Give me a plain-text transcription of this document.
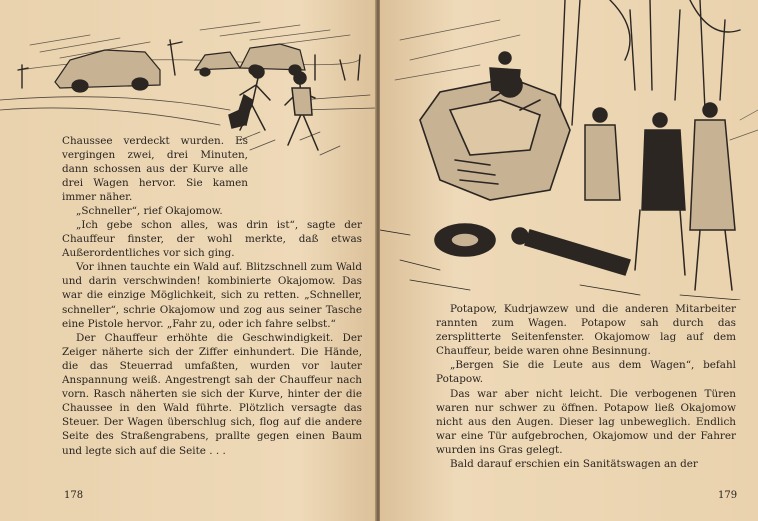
Chaussee verdeckt wurden. Es vergingen zwei, drei Minuten, dann schossen aus der Kurve alle drei Wagen hervor. Sie kamen immer näher.

„Schneller“, rief Okajomow.

„Ich gebe schon alles, was drin ist“, sagte der Chauffeur finster, der wohl merkte, daß etwas Außerordentliches vor sich ging.

Vor ihnen tauchte ein Wald auf. Blitzschnell zum Wald und darin verschwinden! kombinierte Okajomow. Das war die einzige Möglichkeit, sich zu retten. „Schneller, schneller“, schrie Okajomow und zog aus seiner Tasche eine Pistole hervor. „Fahr zu, oder ich fahre selbst.“

Der Chauffeur erhöhte die Geschwindigkeit. Der Zeiger näherte sich der Ziffer einhundert. Die Hände, die das Steuerrad umfaßten, wurden vor lauter Anspannung weiß. Angestrengt sah der Chauffeur nach vorn. Rasch näherten sie sich der Kurve, hinter der die Chaussee in den Wald führte. Plötzlich versagte das Steuer. Der Wagen überschlug sich, flog auf die andere Seite des Straßengrabens, prallte gegen einen Baum und legte sich auf die Seite . . .

178

Potapow, Kudrjawzew und die anderen Mitarbeiter rannten zum Wagen. Potapow sah durch das zersplitterte Seitenfenster. Okajomow lag auf dem Chauffeur, beide waren ohne Besinnung.

„Bergen Sie die Leute aus dem Wagen“, befahl Potapow.

Das war aber nicht leicht. Die verbogenen Türen waren nur schwer zu öffnen. Potapow ließ Okajomow nicht aus den Augen. Dieser lag unbeweglich. Endlich war eine Tür aufgebrochen, Okajomow und der Fahrer wurden ins Gras gelegt.

Bald darauf erschien ein Sanitätswagen an der

179
